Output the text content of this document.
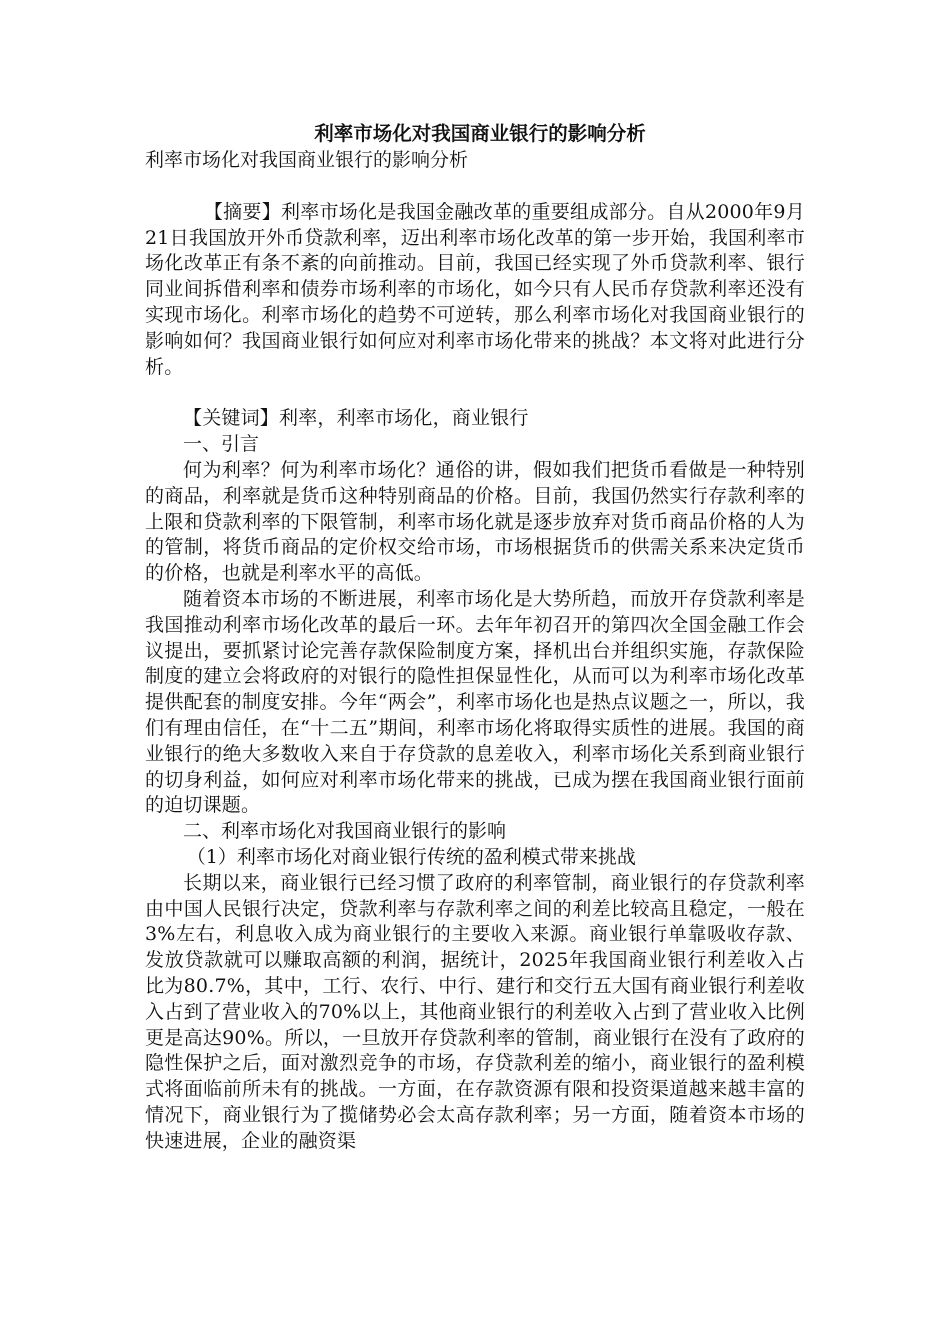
利率市场化对我国商业银行的影响分析

利率市场化对我国商业银行的影响分析

【摘要】利率市场化是我国金融改革的重要组成部分。自从2000年9月21日我国放开外币贷款利率，迈出利率市场化改革的第一步开始，我国利率市场化改革正有条不紊的向前推动。目前，我国已经实现了外币贷款利率、银行同业间拆借利率和债券市场利率的市场化，如今只有人民币存贷款利率还没有实现市场化。利率市场化的趋势不可逆转，那么利率市场化对我国商业银行的影响如何？我国商业银行如何应对利率市场化带来的挑战？本文将对此进行分析。

【关键词】利率，利率市场化，商业银行

一、引言

何为利率？何为利率市场化？通俗的讲，假如我们把货币看做是一种特别的商品，利率就是货币这种特别商品的价格。目前，我国仍然实行存款利率的上限和贷款利率的下限管制，利率市场化就是逐步放弃对货币商品价格的人为的管制，将货币商品的定价权交给市场，市场根据货币的供需关系来决定货币的价格，也就是利率水平的高低。

随着资本市场的不断进展，利率市场化是大势所趋，而放开存贷款利率是我国推动利率市场化改革的最后一环。去年年初召开的第四次全国金融工作会议提出，要抓紧讨论完善存款保险制度方案，择机出台并组织实施，存款保险制度的建立会将政府的对银行的隐性担保显性化，从而可以为利率市场化改革提供配套的制度安排。今年“两会”，利率市场化也是热点议题之一，所以，我们有理由信任，在“十二五”期间，利率市场化将取得实质性的进展。我国的商业银行的绝大多数收入来自于存贷款的息差收入，利率市场化关系到商业银行的切身利益，如何应对利率市场化带来的挑战，已成为摆在我国商业银行面前的迫切课题。

二、利率市场化对我国商业银行的影响

（1）利率市场化对商业银行传统的盈利模式带来挑战

长期以来，商业银行已经习惯了政府的利率管制，商业银行的存贷款利率由中国人民银行决定，贷款利率与存款利率之间的利差比较高且稳定，一般在3%左右，利息收入成为商业银行的主要收入来源。商业银行单靠吸收存款、发放贷款就可以赚取高额的利润，据统计，2025年我国商业银行利差收入占比为80.7%，其中，工行、农行、中行、建行和交行五大国有商业银行利差收入占到了营业收入的70%以上，其他商业银行的利差收入占到了营业收入比例更是高达90%。所以，一旦放开存贷款利率的管制，商业银行在没有了政府的隐性保护之后，面对激烈竞争的市场，存贷款利差的缩小，商业银行的盈利模式将面临前所未有的挑战。一方面，在存款资源有限和投资渠道越来越丰富的情况下，商业银行为了揽储势必会太高存款利率；另一方面，随着资本市场的快速进展，企业的融资渠
